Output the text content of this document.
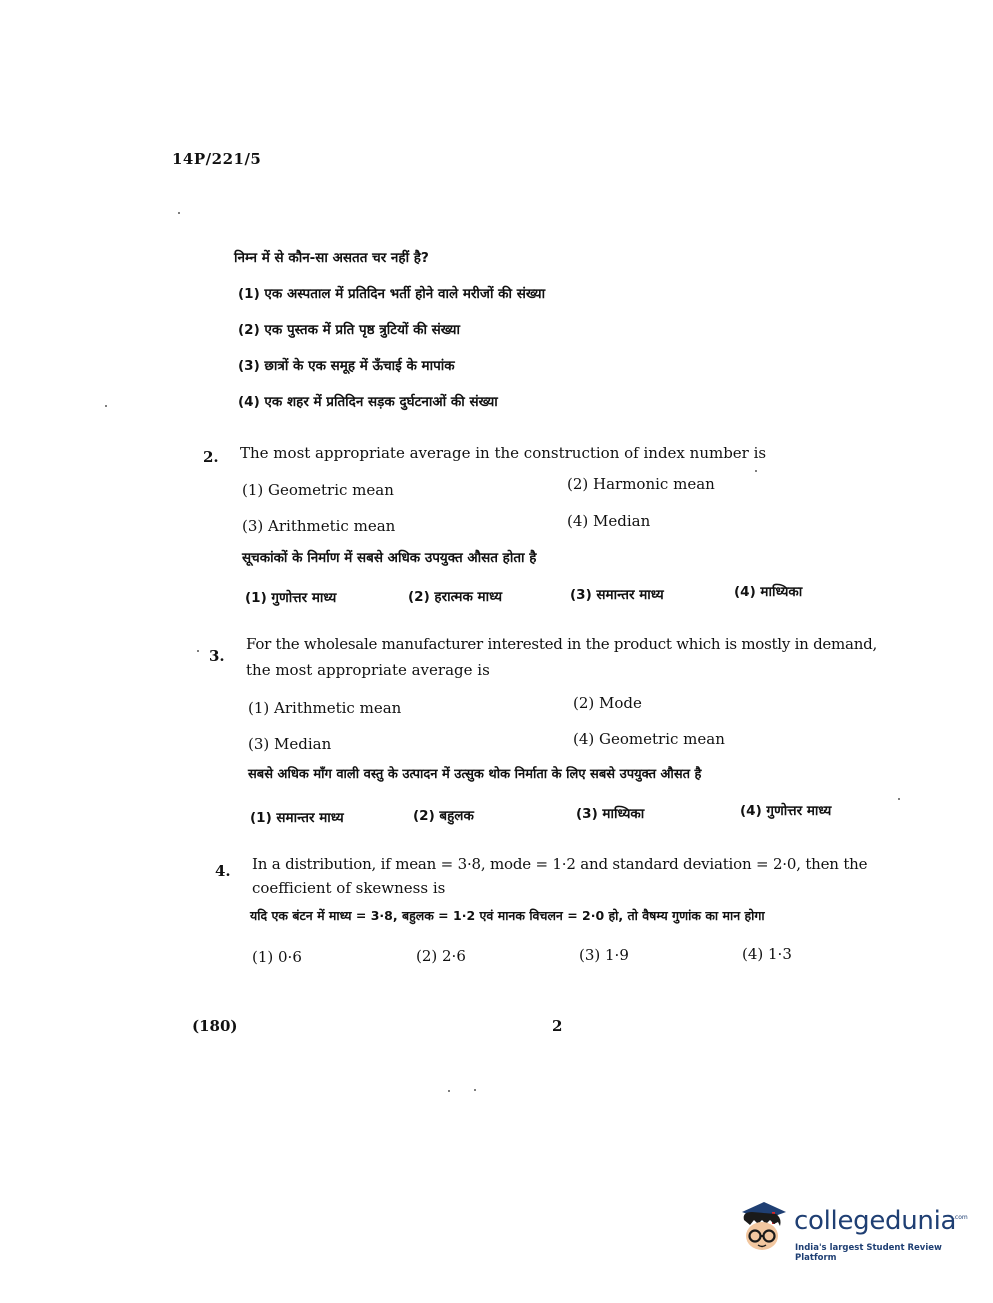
14P/221/5
निम्न में से कौन-सा असतत चर नहीं है?
(1) एक अस्पताल में प्रतिदिन भर्ती होने वाले मरीजों की संख्या
(2) एक पुस्तक में प्रति पृष्ठ त्रुटियों की संख्या
(3) छात्रों के एक समूह में ऊँचाई के मापांक
(4) एक शहर में प्रतिदिन सड़क दुर्घटनाओं की संख्या
2. The most appropriate average in the construction of index number is
(1) Geometric mean	(2) Harmonic mean
(3) Arithmetic mean	(4) Median
सूचकांकों के निर्माण में सबसे अधिक उपयुक्त औसत होता है
(1) गुणोत्तर माध्य	(2) हरात्मक माध्य	(3) समान्तर माध्य	(4) माध्यिका
3.
For the wholesale manufacturer interested in the product which is mostly in demand,
the most appropriate average is
(1) Arithmetic mean	(2) Mode
(3) Median	(4) Geometric mean
सबसे अधिक माँग वाली वस्तु के उत्पादन में उत्सुक थोक निर्माता के लिए सबसे उपयुक्त औसत है
(1) समान्तर माध्य	(2) बहुलक	(3) माध्यिका	(4) गुणोत्तर माध्य
4. In a distribution, if mean = 3·8, mode = 1·2 and standard deviation = 2·0, then the
coefficient of skewness is
यदि एक बंटन में माध्य = 3·8, बहुलक = 1·2 एवं मानक विचलन = 2·0 हो, तो वैषम्य गुणांक का मान होगा
(1) 0·6	(2) 2·6	(3) 1·9	(4) 1·3
(180)	2
collegedunia
.com
India's largest Student Review Platform
